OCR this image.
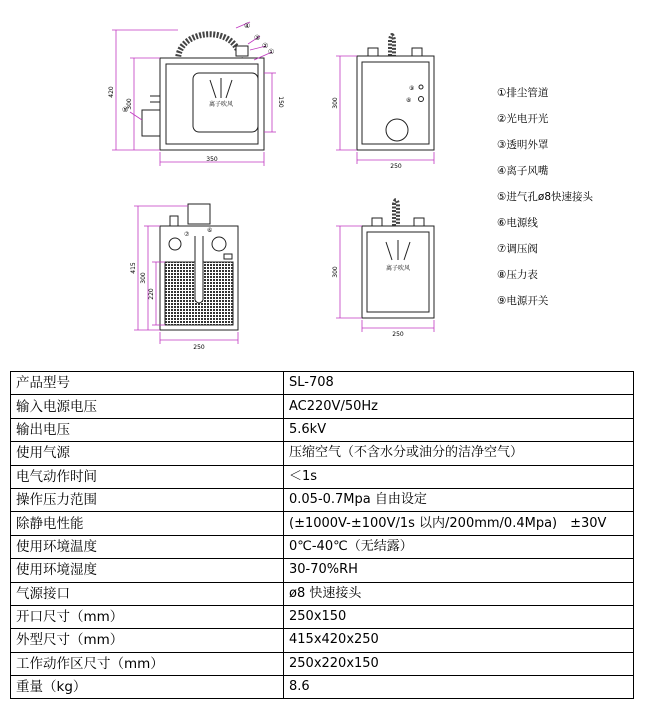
离子吹风
350
420
300	150
④
③
②
①
⑤
250
300
⑨
⑧
250
415
300
220
⑦
⑥
离子吹风
250
300
①排尘管道
②光电开光
③透明外罩
④离子风嘴
⑤进气孔ø8快速接头
⑥电源线
⑦调压阀
⑧压力表
⑨电源开关
产品型号	SL-708
输入电源电压	AC220V/50Hz
输出电压	5.6kV
使用气源	压缩空气（不含水分或油分的洁净空气）
电气动作时间	＜1s
操作压力范围	0.05-0.7Mpa 自由设定
除静电性能	(±1000V-±100V/1s 以内/200mm/0.4Mpa)　±30V
使用环境温度	0℃-40℃（无结露）
使用环境湿度	30-70%RH
气源接口	ø8 快速接头
开口尺寸（mm）	250x150
外型尺寸（mm）	415x420x250
工作动作区尺寸（mm）	250x220x150
重量（kg）	8.6
